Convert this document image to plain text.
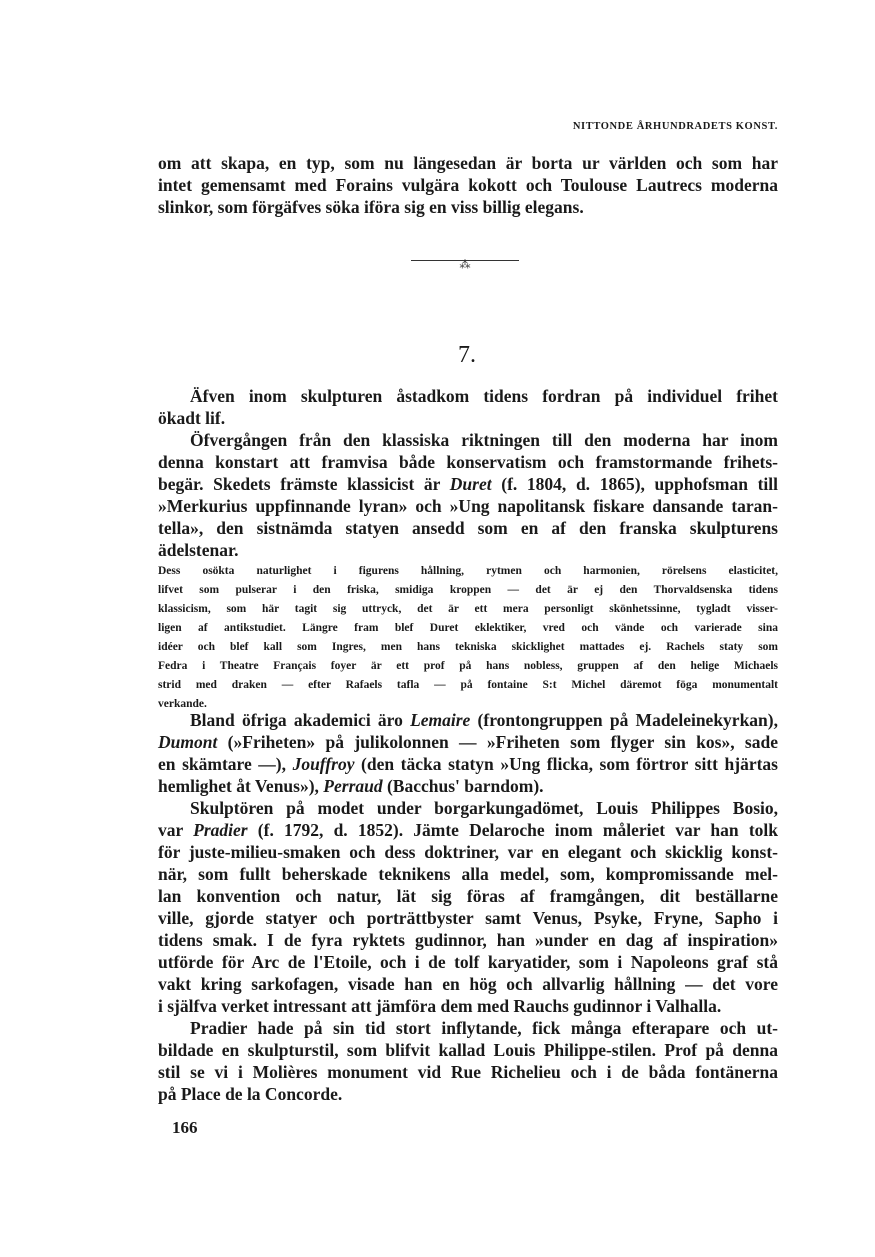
NITTONDE ÅRHUNDRADETS KONST.
om att skapa, en typ, som nu längesedan är borta ur världen och som har
intet gemensamt med Forains vulgära kokott och Toulouse Lautrecs moderna
slinkor, som förgäfves söka iföra sig en viss billig elegans.
⁂
7.
Äfven inom skulpturen åstadkom tidens fordran på individuel frihet
ökadt lif.
Öfvergången från den klassiska riktningen till den moderna har inom
denna konstart att framvisa både konservatism och framstormande frihets-
begär. Skedets främste klassicist är Duret (f. 1804, d. 1865), upphofsman till
»Merkurius uppfinnande lyran» och »Ung napolitansk fiskare dansande taran-
tella», den sistnämda statyen ansedd som en af den franska skulpturens
ädelstenar.
Dess osökta naturlighet i figurens hållning, rytmen och harmonien, rörelsens elasticitet,
lifvet som pulserar i den friska, smidiga kroppen — det är ej den Thorvaldsenska tidens
klassicism, som här tagit sig uttryck, det är ett mera personligt skönhetssinne, tygladt visser-
ligen af antikstudiet. Längre fram blef Duret eklektiker, vred och vände och varierade sina
idéer och blef kall som Ingres, men hans tekniska skicklighet mattades ej. Rachels staty som
Fedra i Theatre Français foyer är ett prof på hans nobless, gruppen af den helige Michaels
strid med draken — efter Rafaels tafla — på fontaine S:t Michel däremot föga monumentalt
verkande.
Bland öfriga akademici äro Lemaire (frontongruppen på Madeleinekyrkan),
Dumont (»Friheten» på julikolonnen — »Friheten som flyger sin kos», sade
en skämtare —), Jouffroy (den täcka statyn »Ung flicka, som förtror sitt hjärtas
hemlighet åt Venus»), Perraud (Bacchus' barndom).
Skulptören på modet under borgarkungadömet, Louis Philippes Bosio,
var Pradier (f. 1792, d. 1852). Jämte Delaroche inom måleriet var han tolk
för juste-milieu-smaken och dess doktriner, var en elegant och skicklig konst-
när, som fullt beherskade teknikens alla medel, som, kompromissande mel-
lan konvention och natur, lät sig föras af framgången, dit beställarne
ville, gjorde statyer och porträttbyster samt Venus, Psyke, Fryne, Sapho i
tidens smak. I de fyra ryktets gudinnor, han »under en dag af inspiration»
utförde för Arc de l'Etoile, och i de tolf karyatider, som i Napoleons graf stå
vakt kring sarkofagen, visade han en hög och allvarlig hållning — det vore
i själfva verket intressant att jämföra dem med Rauchs gudinnor i Valhalla.
Pradier hade på sin tid stort inflytande, fick många efterapare och ut-
bildade en skulpturstil, som blifvit kallad Louis Philippe-stilen. Prof på denna
stil se vi i Molières monument vid Rue Richelieu och i de båda fontänerna
på Place de la Concorde.
166
